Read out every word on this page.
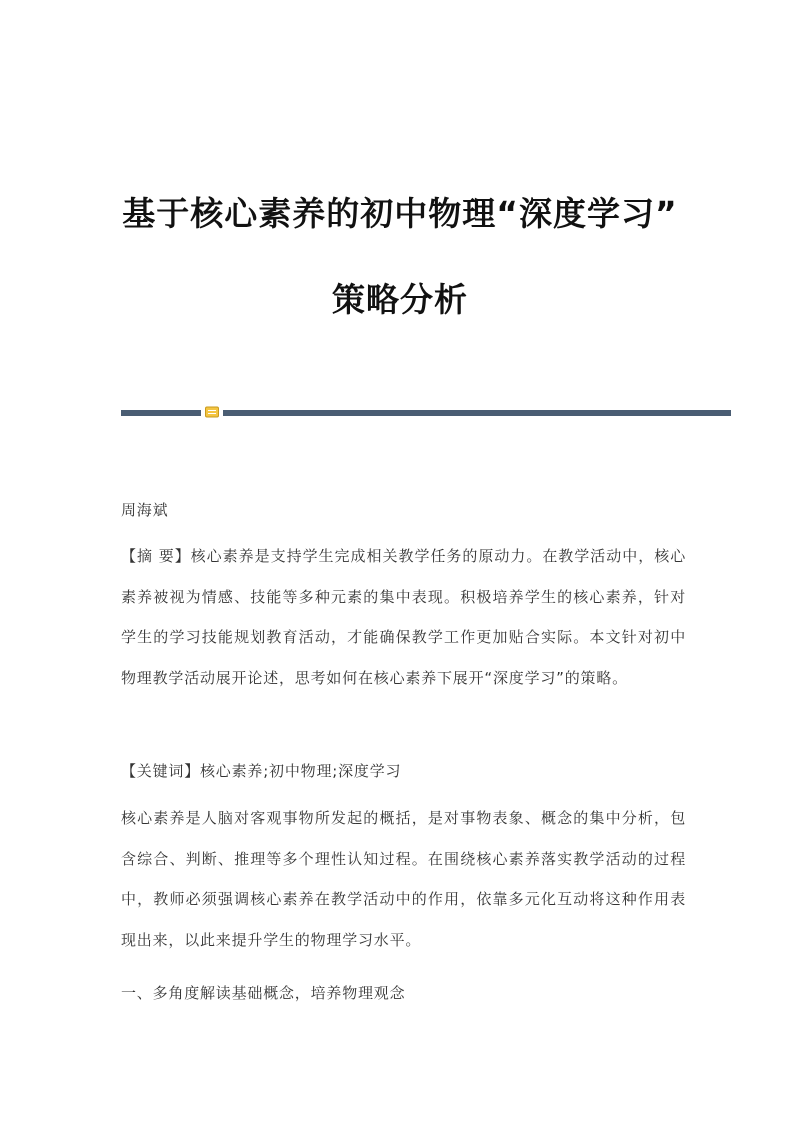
基于核心素养的初中物理“深度学习”
策略分析

周海斌

【摘 要】核心素养是支持学生完成相关教学任务的原动力。在教学活动中，核心素养被视为情感、技能等多种元素的集中表现。积极培养学生的核心素养，针对学生的学习技能规划教育活动，才能确保教学工作更加贴合实际。本文针对初中物理教学活动展开论述，思考如何在核心素养下展开“深度学习”的策略。

【关键词】核心素养;初中物理;深度学习

核心素养是人脑对客观事物所发起的概括，是对事物表象、概念的集中分析，包含综合、判断、推理等多个理性认知过程。在围绕核心素养落实教学活动的过程中，教师必须强调核心素养在教学活动中的作用，依靠多元化互动将这种作用表现出来，以此来提升学生的物理学习水平。

一、多角度解读基础概念，培养物理观念
